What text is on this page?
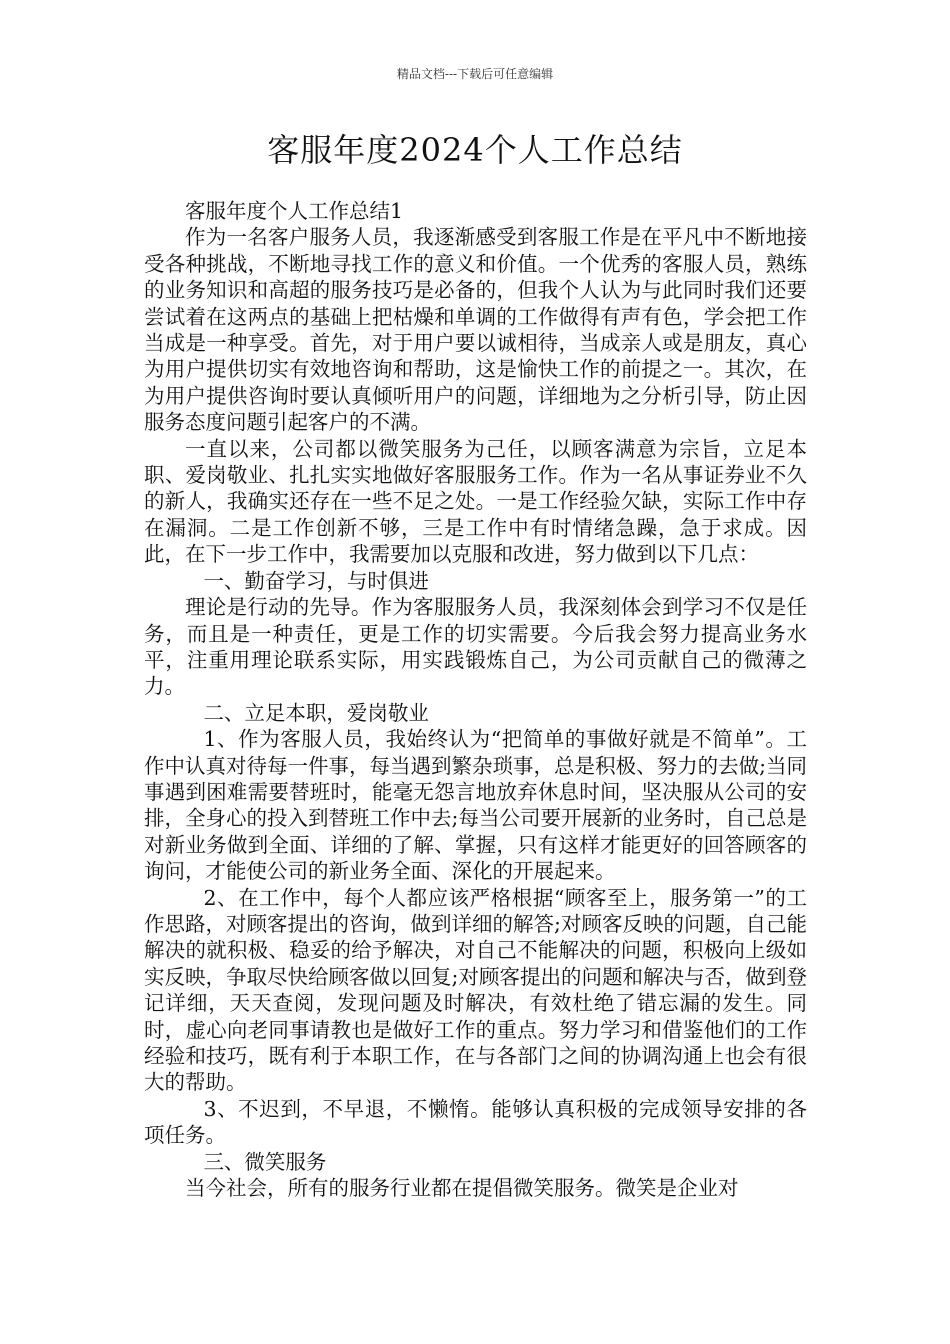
精品文档---下载后可任意编辑
客服年度2024个人工作总结

客服年度个人工作总结1

作为一名客户服务人员，我逐渐感受到客服工作是在平凡中不断地接受各种挑战，不断地寻找工作的意义和价值。一个优秀的客服人员，熟练的业务知识和高超的服务技巧是必备的，但我个人认为与此同时我们还要尝试着在这两点的基础上把枯燥和单调的工作做得有声有色，学会把工作当成是一种享受。首先，对于用户要以诚相待，当成亲人或是朋友，真心为用户提供切实有效地咨询和帮助，这是愉快工作的前提之一。其次，在为用户提供咨询时要认真倾听用户的问题，详细地为之分析引导，防止因服务态度问题引起客户的不满。

一直以来，公司都以微笑服务为己任，以顾客满意为宗旨，立足本职、爱岗敬业、扎扎实实地做好客服服务工作。作为一名从事证券业不久的新人，我确实还存在一些不足之处。一是工作经验欠缺，实际工作中存在漏洞。二是工作创新不够，三是工作中有时情绪急躁，急于求成。因此，在下一步工作中，我需要加以克服和改进，努力做到以下几点：

一、勤奋学习，与时俱进

理论是行动的先导。作为客服服务人员，我深刻体会到学习不仅是任务，而且是一种责任，更是工作的切实需要。今后我会努力提高业务水平，注重用理论联系实际，用实践锻炼自己，为公司贡献自己的微薄之力。

二、立足本职，爱岗敬业

1、作为客服人员，我始终认为“把简单的事做好就是不简单”。工作中认真对待每一件事，每当遇到繁杂琐事，总是积极、努力的去做;当同事遇到困难需要替班时，能毫无怨言地放弃休息时间，坚决服从公司的安排，全身心的投入到替班工作中去;每当公司要开展新的业务时，自己总是对新业务做到全面、详细的了解、掌握，只有这样才能更好的回答顾客的询问，才能使公司的新业务全面、深化的开展起来。

2、在工作中，每个人都应该严格根据“顾客至上，服务第一”的工作思路，对顾客提出的咨询，做到详细的解答;对顾客反映的问题，自己能解决的就积极、稳妥的给予解决，对自己不能解决的问题，积极向上级如实反映，争取尽快给顾客做以回复;对顾客提出的问题和解决与否，做到登记详细，天天查阅，发现问题及时解决，有效杜绝了错忘漏的发生。同时，虚心向老同事请教也是做好工作的重点。努力学习和借鉴他们的工作经验和技巧，既有利于本职工作，在与各部门之间的协调沟通上也会有很大的帮助。

3、不迟到，不早退，不懒惰。能够认真积极的完成领导安排的各项任务。

三、微笑服务

当今社会，所有的服务行业都在提倡微笑服务。微笑是企业对
